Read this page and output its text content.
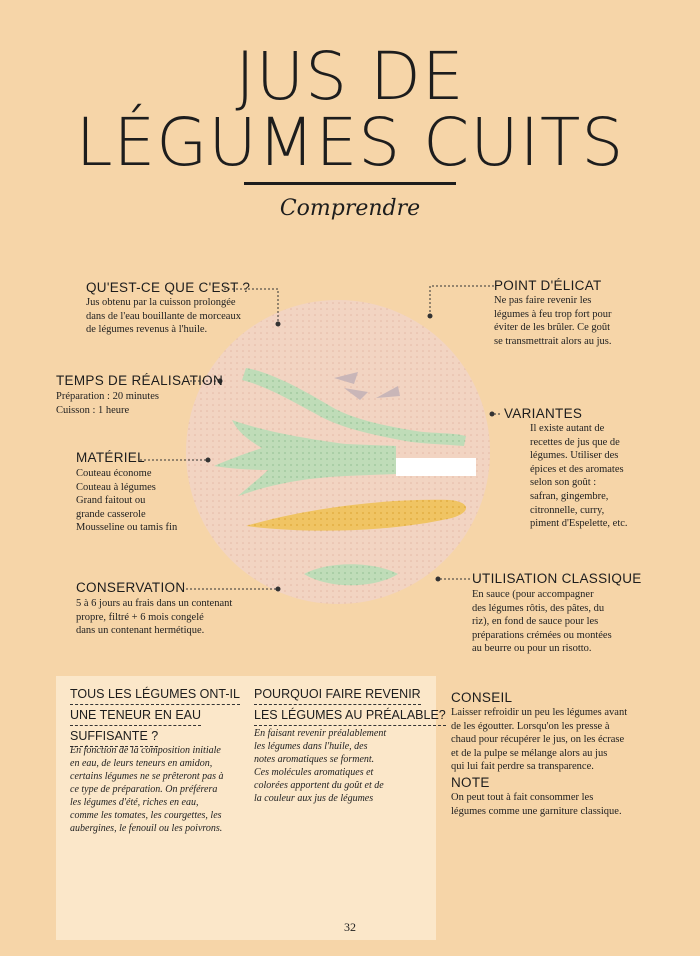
JUS DE
LÉGUMES CUITS
Comprendre
QU'EST-CE QUE C'EST ?
Jus obtenu par la cuisson prolongée
dans de l'eau bouillante de morceaux
de légumes revenus à l'huile.
TEMPS DE RÉALISATION
Préparation : 20 minutes
Cuisson : 1 heure
MATÉRIEL
Couteau économe
Couteau à légumes
Grand faitout ou
grande casserole
Mousseline ou tamis fin
CONSERVATION
5 à 6 jours au frais dans un contenant
propre, filtré + 6 mois congelé
dans un contenant hermétique.
POINT D'ÉLICAT
Ne pas faire revenir les
légumes à feu trop fort pour
éviter de les brûler. Ce goût
se transmettrait alors au jus.
VARIANTES
Il existe autant de
recettes de jus que de
légumes. Utiliser des
épices et des aromates
selon son goût :
safran, gingembre,
citronnelle, curry,
piment d'Espelette, etc.
UTILISATION CLASSIQUE
En sauce (pour accompagner
des légumes rôtis, des pâtes, du
riz), en fond de sauce pour les
préparations crémées ou montées
au beurre ou pour un risotto.
TOUS LES LÉGUMES ONT-IL
UNE TENEUR EN EAU
SUFFISANTE ?
En fonction de la composition initiale
en eau, de leurs teneurs en amidon,
certains légumes ne se prêteront pas à
ce type de préparation. On préférera
les légumes d'été, riches en eau,
comme les tomates, les courgettes, les
aubergines, le fenouil ou les poivrons.
POURQUOI FAIRE REVENIR
LES LÉGUMES AU PRÉALABLE?
En faisant revenir préalablement
les légumes dans l'huile, des
notes aromatiques se forment.
Ces molécules aromatiques et
colorées apportent du goût et de
la couleur aux jus de légumes
CONSEIL
Laisser refroidir un peu les légumes avant
de les égoutter. Lorsqu'on les presse à
chaud pour récupérer le jus, on les écrase
et de la pulpe se mélange alors au jus
qui lui fait perdre sa transparence.
NOTE
On peut tout à fait consommer les
légumes comme une garniture classique.
32
